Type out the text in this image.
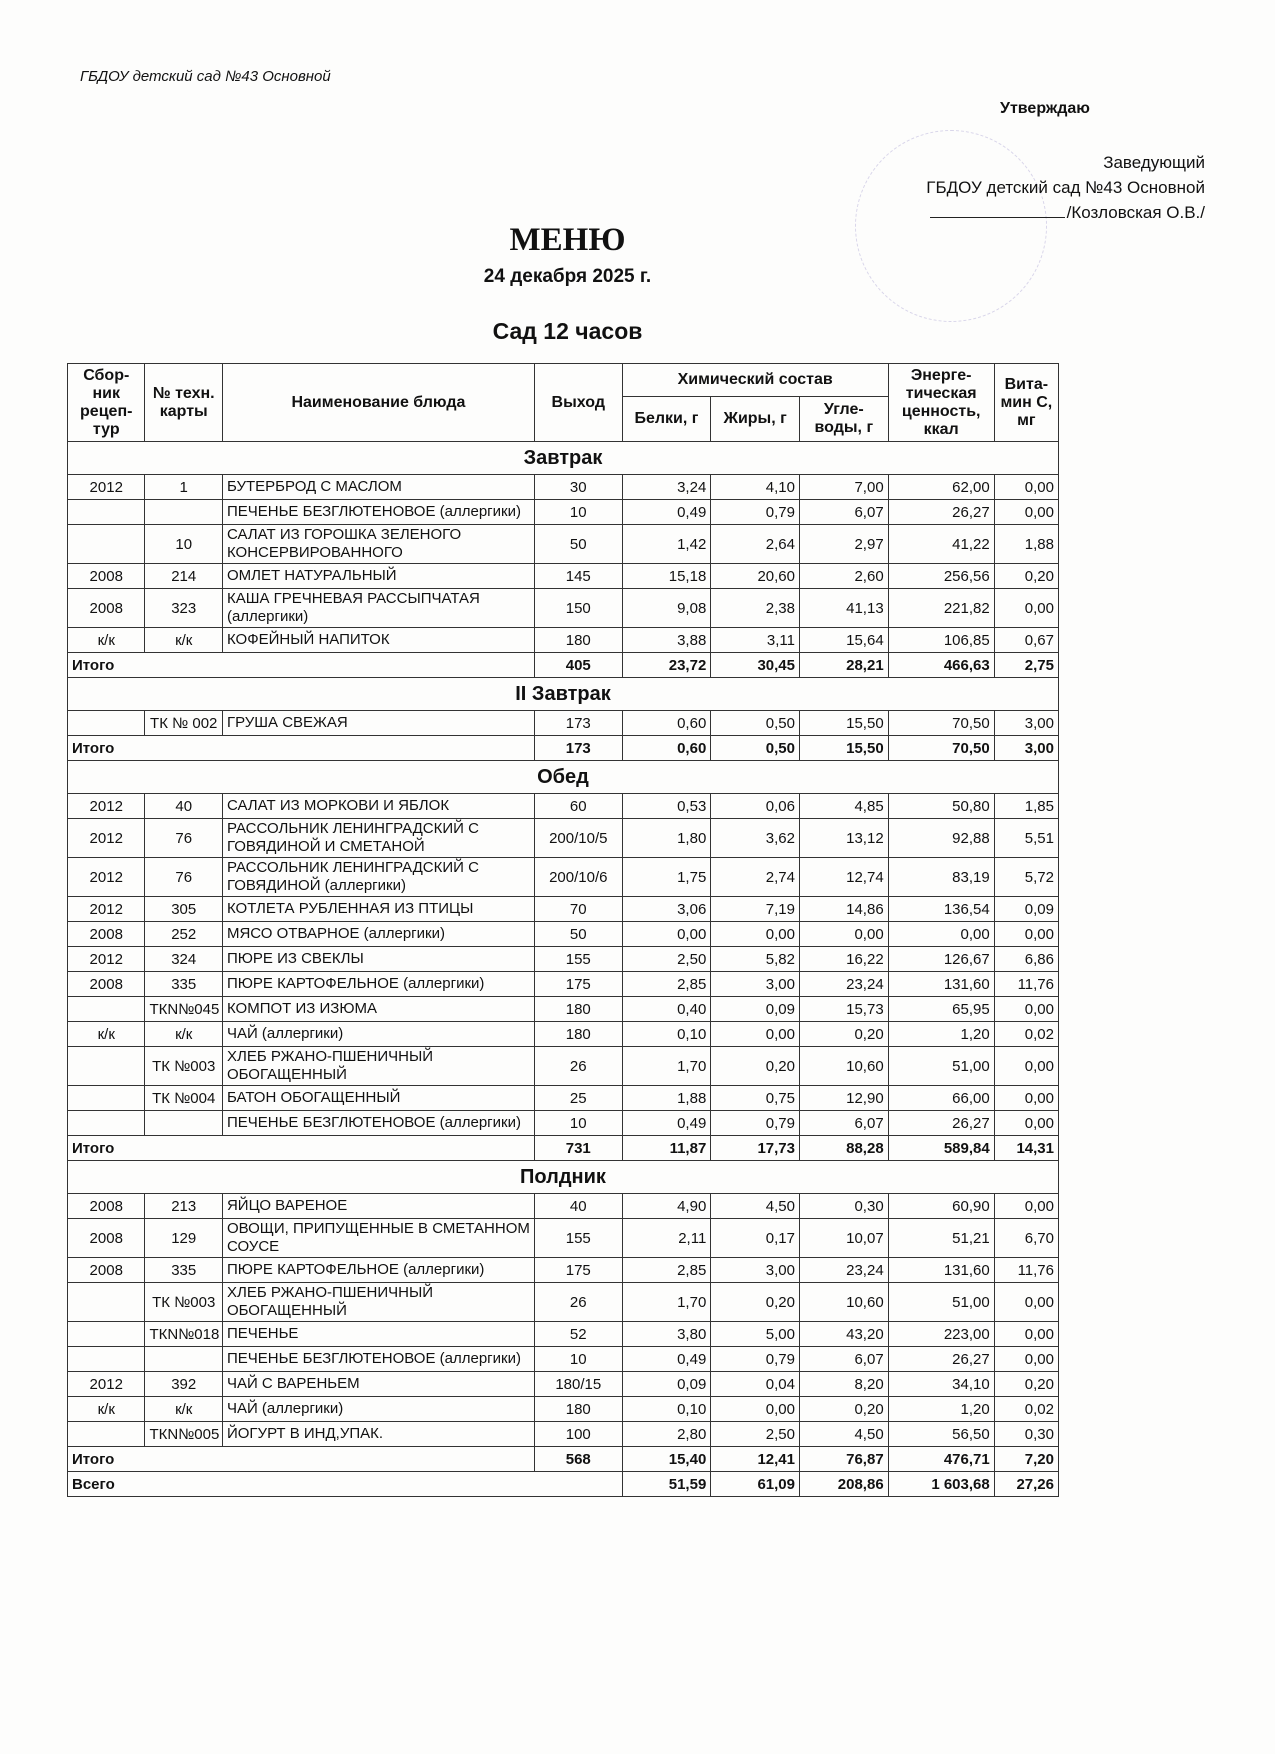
ГБДОУ детский сад №43 Основной
Утверждаю
Заведующий
ГБДОУ детский сад №43 Основной
/Козловская О.В./
МЕНЮ
24 декабря 2025 г.
Сад 12 часов
Сбор- ник рецеп- тур	№ техн. карты	Наименование блюда	Выход	Химический состав			Энерге- тическая ценность, ккал	Вита- мин С, мг
				Белки, г	Жиры, г	Угле- воды, г		
Завтрак								
2012	1	БУТЕРБРОД С МАСЛОМ	30	3,24	4,10	7,00	62,00	0,00
		ПЕЧЕНЬЕ БЕЗГЛЮТЕНОВОЕ (аллергики)	10	0,49	0,79	6,07	26,27	0,00
	10	САЛАТ ИЗ ГОРОШКА ЗЕЛЕНОГО КОНСЕРВИРОВАННОГО	50	1,42	2,64	2,97	41,22	1,88
2008	214	ОМЛЕТ НАТУРАЛЬНЫЙ	145	15,18	20,60	2,60	256,56	0,20
2008	323	КАША ГРЕЧНЕВАЯ РАССЫПЧАТАЯ (аллергики)	150	9,08	2,38	41,13	221,82	0,00
к/к	к/к	КОФЕЙНЫЙ НАПИТОК	180	3,88	3,11	15,64	106,85	0,67
Итого			405	23,72	30,45	28,21	466,63	2,75
II Завтрак								
	ТК № 002	ГРУША СВЕЖАЯ	173	0,60	0,50	15,50	70,50	3,00
Итого			173	0,60	0,50	15,50	70,50	3,00
Обед								
2012	40	САЛАТ ИЗ МОРКОВИ И ЯБЛОК	60	0,53	0,06	4,85	50,80	1,85
2012	76	РАССОЛЬНИК ЛЕНИНГРАДСКИЙ С ГОВЯДИНОЙ И СМЕТАНОЙ	200/10/5	1,80	3,62	13,12	92,88	5,51
2012	76	РАССОЛЬНИК ЛЕНИНГРАДСКИЙ С ГОВЯДИНОЙ (аллергики)	200/10/6	1,75	2,74	12,74	83,19	5,72
2012	305	КОТЛЕТА РУБЛЕННАЯ ИЗ ПТИЦЫ	70	3,06	7,19	14,86	136,54	0,09
2008	252	МЯСО ОТВАРНОЕ (аллергики)	50	0,00	0,00	0,00	0,00	0,00
2012	324	ПЮРЕ ИЗ СВЕКЛЫ	155	2,50	5,82	16,22	126,67	6,86
2008	335	ПЮРЕ КАРТОФЕЛЬНОЕ (аллергики)	175	2,85	3,00	23,24	131,60	11,76
	ТКN№045	КОМПОТ ИЗ ИЗЮМА	180	0,40	0,09	15,73	65,95	0,00
к/к	к/к	ЧАЙ (аллергики)	180	0,10	0,00	0,20	1,20	0,02
	ТК №003	ХЛЕБ РЖАНО-ПШЕНИЧНЫЙ ОБОГАЩЕННЫЙ	26	1,70	0,20	10,60	51,00	0,00
	ТК №004	БАТОН ОБОГАЩЕННЫЙ	25	1,88	0,75	12,90	66,00	0,00
		ПЕЧЕНЬЕ БЕЗГЛЮТЕНОВОЕ (аллергики)	10	0,49	0,79	6,07	26,27	0,00
Итого			731	11,87	17,73	88,28	589,84	14,31
Полдник								
2008	213	ЯЙЦО ВАРЕНОЕ	40	4,90	4,50	0,30	60,90	0,00
2008	129	ОВОЩИ, ПРИПУЩЕННЫЕ В СМЕТАННОМ СОУСЕ	155	2,11	0,17	10,07	51,21	6,70
2008	335	ПЮРЕ КАРТОФЕЛЬНОЕ (аллергики)	175	2,85	3,00	23,24	131,60	11,76
	ТК №003	ХЛЕБ РЖАНО-ПШЕНИЧНЫЙ ОБОГАЩЕННЫЙ	26	1,70	0,20	10,60	51,00	0,00
	ТКN№018	ПЕЧЕНЬЕ	52	3,80	5,00	43,20	223,00	0,00
		ПЕЧЕНЬЕ БЕЗГЛЮТЕНОВОЕ (аллергики)	10	0,49	0,79	6,07	26,27	0,00
2012	392	ЧАЙ С ВАРЕНЬЕМ	180/15	0,09	0,04	8,20	34,10	0,20
к/к	к/к	ЧАЙ (аллергики)	180	0,10	0,00	0,20	1,20	0,02
	ТКN№005	ЙОГУРТ В ИНД,УПАК.	100	2,80	2,50	4,50	56,50	0,30
Итого			568	15,40	12,41	76,87	476,71	7,20
Всего				51,59	61,09	208,86	1 603,68	27,26
